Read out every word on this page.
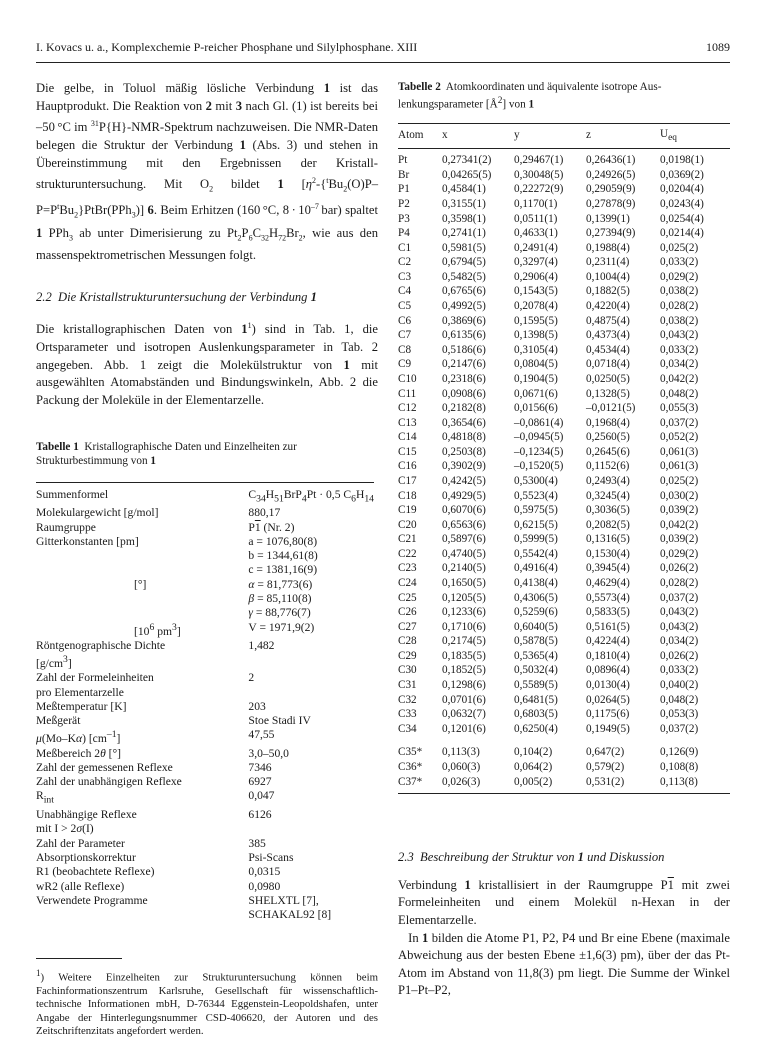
I. Kovacs u. a., Komplexchemie P-reicher Phosphane und Silylphosphane. XIII	1089

Die gelbe, in Toluol mäßig lösliche Verbindung 1 ist das Hauptprodukt. Die Reaktion von 2 mit 3 nach Gl. (1) ist bereits bei –50 °C im $^{31}$P{H}-NMR-Spektrum nachzuweisen. Die NMR-Daten belegen die Struktur der Verbindung 1 (Abs. 3) und stehen in Übereinstimmung mit den Ergebnissen der Kristallstrukturuntersuchung. Mit $O_2$ bildet 1 $[\eta^2-\{^tBu_2(O)P-P=P^tBu_2\}PtBr(PPh_3)]$ 6. Beim Erhitzen (160 °C, $8 \cdot 10^{-7}$ bar) spaltet 1 PPh$_3$ ab unter Dimerisierung zu $Pt_2P_6C_{32}H_{72}Br_2$, wie aus den massenspektrometrischen Messungen folgt.

2.2  Die Kristallstrukturuntersuchung der Verbindung 1

Die kristallographischen Daten von $1^1$) sind in Tab. 1, die Ortsparameter und isotropen Auslenkungsparameter in Tab. 2 angegeben. Abb. 1 zeigt die Molekülstruktur von 1 mit ausgewählten Atomabständen und Bindungswinkeln, Abb. 2 die Packung der Moleküle in der Elementarzelle.

Tabelle 1  Kristallographische Daten und Einzelheiten zur Strukturbestimmung von 1

Summenformel	$C_{34}H_{51}BrP_4Pt \cdot 0,5$ $C_6H_{14}$
Molekulargewicht [g/mol]	880,17
Raumgruppe	P1 (Nr. 2)
Gitterkonstanten [pm]	a = 1076,80(8)
	b = 1344,61(8)
	c = 1381,16(9)
[°]	α = 81,773(6)
	β = 85,110(8)
	γ = 88,776(7)
[$10^6$ $pm^3$]	V = 1971,9(2)
Röntgenographische Dichte	1,482
$[g/cm^3]$	
Zahl der Formeleinheiten	2
pro Elementarzelle	
Meßtemperatur [K]	203
Meßgerät	Stoe Stadi IV
μ(Mo–Kα) $[cm^{-1}]$	47,55
Meßbereich 2θ [°]	3,0–50,0
Zahl der gemessenen Reflexe	7346
Zahl der unabhängigen Reflexe	6927
$R_{int}$	0,047
Unabhängige Reflexe	6126
mit I > 2σ(I)	
Zahl der Parameter	385
Absorptionskorrektur	Psi-Scans
R1 (beobachtete Reflexe)	0,0315
wR2 (alle Reflexe)	0,0980
Verwendete Programme	SHELXTL [7],
	SCHAKAL92 [8]

$^1$) Weitere Einzelheiten zur Strukturuntersuchung können beim Fachinformationszentrum Karlsruhe, Gesellschaft für wissenschaftlich-technische Informationen mbH, D-76344 Eggenstein-Leopoldshafen, unter Angabe der Hinterlegungsnummer CSD-406620, der Autoren und des Zeitschriftenzitats angefordert werden.

Tabelle 2  Atomkoordinaten und äquivalente isotrope Auslenkungsparameter $[Å^2]$ von 1

Atom	x	y	z	$U_{eq}$
Pt	0,27341(2)	0,29467(1)	0,26436(1)	0,0198(1)
Br	0,04265(5)	0,30048(5)	0,24926(5)	0,0369(2)
P1	0,4584(1)	0,22272(9)	0,29059(9)	0,0204(4)
P2	0,3155(1)	0,1170(1)	0,27878(9)	0,0243(4)
P3	0,3598(1)	0,0511(1)	0,1399(1)	0,0254(4)
P4	0,2741(1)	0,4633(1)	0,27394(9)	0,0214(4)
C1	0,5981(5)	0,2491(4)	0,1988(4)	0,025(2)
C2	0,6794(5)	0,3297(4)	0,2311(4)	0,033(2)
C3	0,5482(5)	0,2906(4)	0,1004(4)	0,029(2)
C4	0,6765(6)	0,1543(5)	0,1882(5)	0,038(2)
C5	0,4992(5)	0,2078(4)	0,4220(4)	0,028(2)
C6	0,3869(6)	0,1595(5)	0,4875(4)	0,038(2)
C7	0,6135(6)	0,1398(5)	0,4373(4)	0,043(2)
C8	0,5186(6)	0,3105(4)	0,4534(4)	0,033(2)
C9	0,2147(6)	0,0804(5)	0,0718(4)	0,034(2)
C10	0,2318(6)	0,1904(5)	0,0250(5)	0,042(2)
C11	0,0908(6)	0,0671(6)	0,1328(5)	0,048(2)
C12	0,2182(8)	0,0156(6)	–0,0121(5)	0,055(3)
C13	0,3654(6)	–0,0861(4)	0,1968(4)	0,037(2)
C14	0,4818(8)	–0,0945(5)	0,2560(5)	0,052(2)
C15	0,2503(8)	–0,1234(5)	0,2645(6)	0,061(3)
C16	0,3902(9)	–0,1520(5)	0,1152(6)	0,061(3)
C17	0,4242(5)	0,5300(4)	0,2493(4)	0,025(2)
C18	0,4929(5)	0,5523(4)	0,3245(4)	0,030(2)
C19	0,6070(6)	0,5975(5)	0,3036(5)	0,039(2)
C20	0,6563(6)	0,6215(5)	0,2082(5)	0,042(2)
C21	0,5897(6)	0,5999(5)	0,1316(5)	0,039(2)
C22	0,4740(5)	0,5542(4)	0,1530(4)	0,029(2)
C23	0,2140(5)	0,4916(4)	0,3945(4)	0,026(2)
C24	0,1650(5)	0,4138(4)	0,4629(4)	0,028(2)
C25	0,1205(5)	0,4306(5)	0,5573(4)	0,037(2)
C26	0,1233(6)	0,5259(6)	0,5833(5)	0,043(2)
C27	0,1710(6)	0,6040(5)	0,5161(5)	0,043(2)
C28	0,2174(5)	0,5878(5)	0,4224(4)	0,034(2)
C29	0,1835(5)	0,5365(4)	0,1810(4)	0,026(2)
C30	0,1852(5)	0,5032(4)	0,0896(4)	0,033(2)
C31	0,1298(6)	0,5589(5)	0,0130(4)	0,040(2)
C32	0,0701(6)	0,6481(5)	0,0264(5)	0,048(2)
C33	0,0632(7)	0,6803(5)	0,1175(6)	0,053(3)
C34	0,1201(6)	0,6250(4)	0,1949(5)	0,037(2)
C35*	0,113(3)	0,104(2)	0,647(2)	0,126(9)
C36*	0,060(3)	0,064(2)	0,579(2)	0,108(8)
C37*	0,026(3)	0,005(2)	0,531(2)	0,113(8)

2.3  Beschreibung der Struktur von 1 und Diskussion

Verbindung 1 kristallisiert in der Raumgruppe P1 mit zwei Formeleinheiten und einem Molekül n-Hexan in der Elementarzelle.

In 1 bilden die Atome P1, P2, P4 und Br eine Ebene (maximale Abweichung aus der besten Ebene ±1,6(3) pm), über der das Pt-Atom im Abstand von 11,8(3) pm liegt. Die Summe der Winkel P1–Pt–P2,
